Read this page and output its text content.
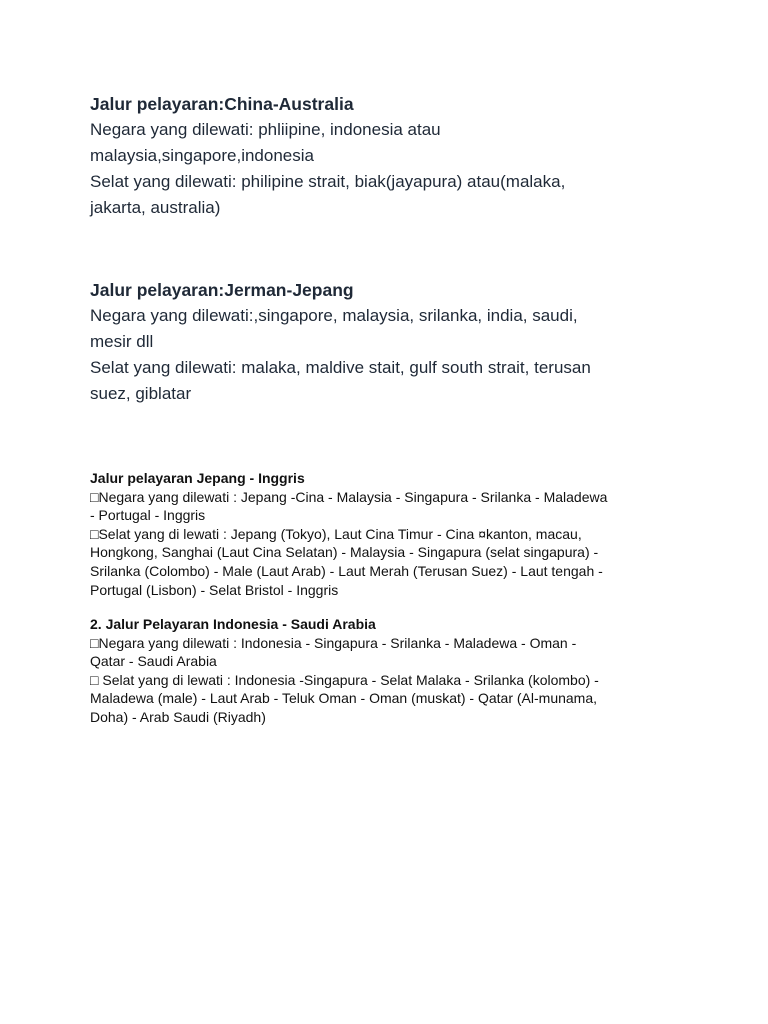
Jalur pelayaran:China-Australia

Negara yang dilewati: phliipine, indonesia atau

malaysia,singapore,indonesia

Selat yang dilewati: philipine strait, biak(jayapura) atau(malaka,

jakarta, australia)

Jalur pelayaran:Jerman-Jepang

Negara yang dilewati:,singapore, malaysia, srilanka, india, saudi,

mesir dll

Selat yang dilewati: malaka, maldive stait, gulf south strait, terusan

suez, giblatar

Jalur pelayaran Jepang - Inggris

□Negara yang dilewati : Jepang -Cina - Malaysia - Singapura - Srilanka - Maladewa

- Portugal - Inggris

□Selat yang di lewati : Jepang (Tokyo), Laut Cina Timur - Cina ¤kanton, macau,

Hongkong, Sanghai (Laut Cina Selatan) - Malaysia - Singapura (selat singapura) -

Srilanka (Colombo) - Male (Laut Arab) - Laut Merah (Terusan Suez) - Laut tengah -

Portugal (Lisbon) - Selat Bristol - Inggris

2. Jalur Pelayaran Indonesia - Saudi Arabia

□Negara yang dilewati : Indonesia - Singapura - Srilanka - Maladewa - Oman -

Qatar - Saudi Arabia

□ Selat yang di lewati : Indonesia -Singapura - Selat Malaka - Srilanka (kolombo) -

Maladewa (male) - Laut Arab - Teluk Oman - Oman (muskat) - Qatar (Al-munama,

Doha) - Arab Saudi (Riyadh)
